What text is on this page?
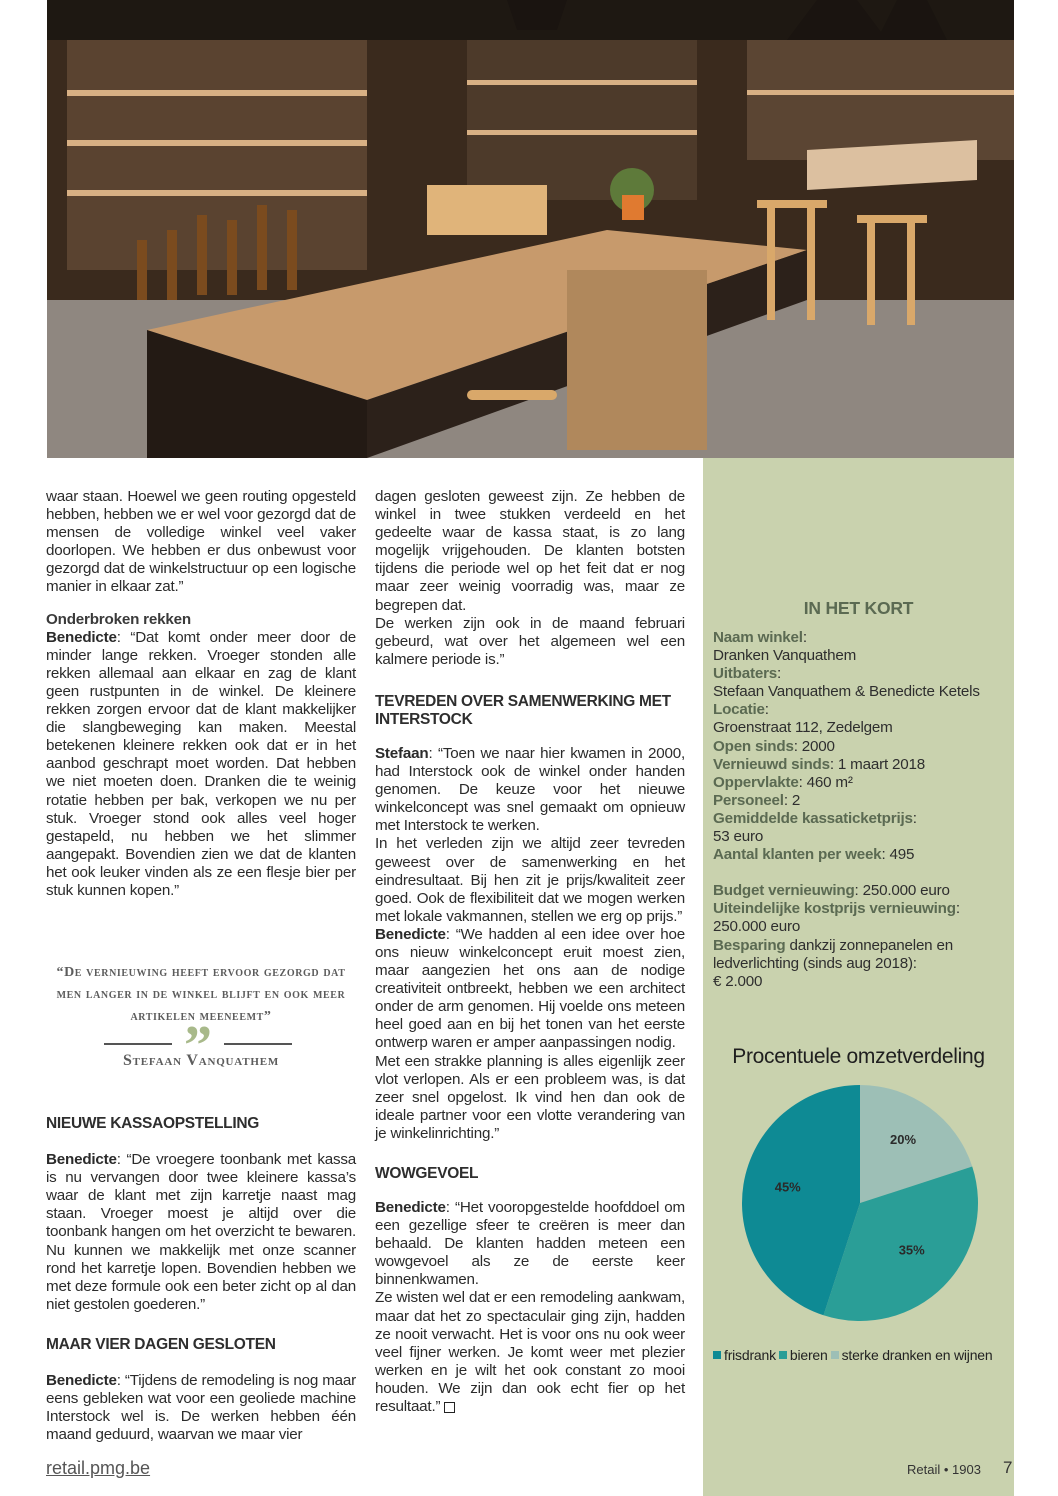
waar staan. Hoewel we geen routing opgesteld hebben, hebben we er wel voor gezorgd dat de mensen de volledige winkel veel vaker doorlopen. We hebben er dus onbewust voor gezorgd dat de winkelstructuur op een logische manier in elkaar zat.”

Onderbroken rekken

Benedicte: “Dat komt onder meer door de minder lange rekken. Vroeger stonden alle rekken allemaal aan elkaar en zag de klant geen rustpunten in de winkel. De kleinere rekken zorgen ervoor dat de klant makkelijker die slangbeweging kan maken. Meestal betekenen kleinere rekken ook dat er in het aanbod geschrapt moet worden. Dat hebben we niet moeten doen. Dranken die te weinig rotatie hebben per bak, verkopen we nu per stuk. Vroeger stond ook alles veel hoger gestapeld, nu hebben we het slimmer aangepakt. Bovendien zien we dat de klanten het ook leuker vinden als ze een flesje bier per stuk kunnen kopen.”

NIEUWE KASSAOPSTELLING

Benedicte: “De vroegere toonbank met kassa is nu vervangen door twee kleinere kassa’s waar de klant met zijn karretje naast mag staan. Vroeger moest je altijd over die toonbank hangen om het overzicht te bewaren. Nu kunnen we makkelijk met onze scanner rond het karretje lopen. Bovendien hebben we met deze formule ook een beter zicht op al dan niet gestolen goederen.”

MAAR VIER DAGEN GESLOTEN

Benedicte: “Tijdens de remodeling is nog maar eens gebleken wat voor een geoliede machine Interstock wel is. De werken hebben één maand geduurd, waarvan we maar vier

“De vernieuwing heeft ervoor gezorgd dat men langer in de winkel blijft en ook meer artikelen meeneemt”
”
Stefaan Vanquathem

dagen gesloten geweest zijn. Ze hebben de winkel in twee stukken verdeeld en het gedeelte waar de kassa staat, is zo lang mogelijk vrijgehouden. De klanten botsten tijdens die periode wel op het feit dat er nog maar zeer weinig voorradig was, maar ze begrepen dat.

De werken zijn ook in de maand februari gebeurd, wat over het algemeen wel een kalmere periode is.”

TEVREDEN OVER SAMENWERKING MET INTERSTOCK

Stefaan: “Toen we naar hier kwamen in 2000, had Interstock ook de winkel onder handen genomen. De keuze voor het nieuwe winkelconcept was snel gemaakt om opnieuw met Interstock te werken.

In het verleden zijn we altijd zeer tevreden geweest over de samenwerking en het eindresultaat. Bij hen zit je prijs/kwaliteit zeer goed. Ook de flexibiliteit dat we mogen werken met lokale vakmannen, stellen we erg op prijs.”

Benedicte: “We hadden al een idee over hoe ons nieuw winkelconcept eruit moest zien, maar aangezien het ons aan de nodige creativiteit ontbreekt, hebben we een architect onder de arm genomen. Hij voelde ons meteen heel goed aan en bij het tonen van het eerste ontwerp waren er amper aanpassingen nodig.

Met een strakke planning is alles eigenlijk zeer vlot verlopen. Als er een probleem was, is dat zeer snel opgelost. Ik vind hen dan ook de ideale partner voor een vlotte verandering van je winkelinrichting.”

WOWGEVOEL

Benedicte: “Het vooropgestelde hoofddoel om een gezellige sfeer te creëren is meer dan behaald. De klanten hadden meteen een wowgevoel als ze de eerste keer binnenkwamen.

Ze wisten wel dat er een remodeling aankwam, maar dat het zo spectaculair ging zijn, hadden ze nooit verwacht. Het is voor ons nu ook weer veel fijner werken. Je komt weer met plezier werken en je wilt het ook constant zo mooi houden. We zijn dan ook echt fier op het resultaat.”

IN HET KORT
Naam winkel:
Dranken Vanquathem
Uitbaters:
Stefaan Vanquathem & Benedicte Ketels
Locatie:
Groenstraat 112, Zedelgem
Open sinds: 2000
Vernieuwd sinds: 1 maart 2018
Oppervlakte: 460 m²
Personeel: 2
Gemiddelde kassaticketprijs:
53 euro
Aantal klanten per week: 495
Budget vernieuwing: 250.000 euro
Uiteindelijke kostprijs vernieuwing:
250.000 euro
Besparing dankzij zonnepanelen en ledverlichting (sinds aug 2018):
€ 2.000
Procentuele omzetverdeling
20%
35%
45%
frisdrank bieren sterke dranken en wijnen
retail.pmg.be	Retail • 1903 7
